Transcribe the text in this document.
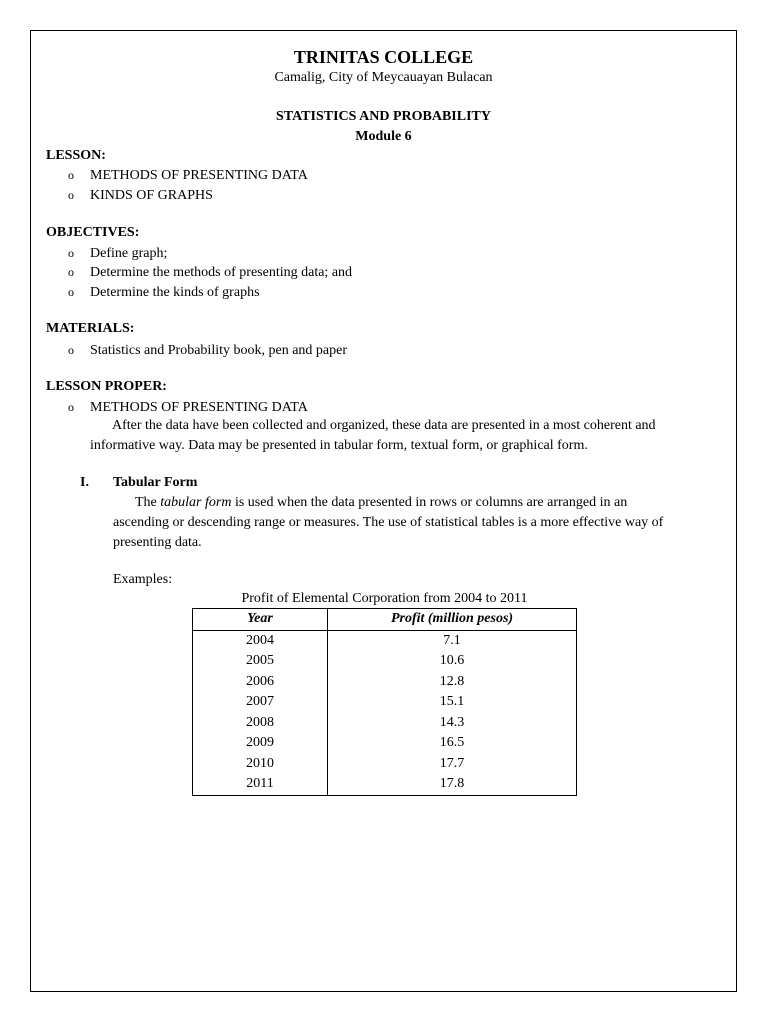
TRINITAS COLLEGE
Camalig, City of Meycauayan Bulacan
STATISTICS AND PROBABILITY
Module 6
LESSON:
o METHODS OF PRESENTING DATA
o KINDS OF GRAPHS
OBJECTIVES:
o Define graph;
o Determine the methods of presenting data; and
o Determine the kinds of graphs
MATERIALS:
o Statistics and Probability book, pen and paper
LESSON PROPER:
o METHODS OF PRESENTING DATA
After the data have been collected and organized, these data are presented in a most coherent and
informative way. Data may be presented in tabular form, textual form, or graphical form.
I. Tabular Form
The tabular form is used when the data presented in rows or columns are arranged in an
ascending or descending range or measures. The use of statistical tables is a more effective way of
presenting data.
Examples:
Profit of Elemental Corporation from 2004 to 2011
Year	Profit (million pesos)
2004	7.1
2005	10.6
2006	12.8
2007	15.1
2008	14.3
2009	16.5
2010	17.7
2011	17.8
